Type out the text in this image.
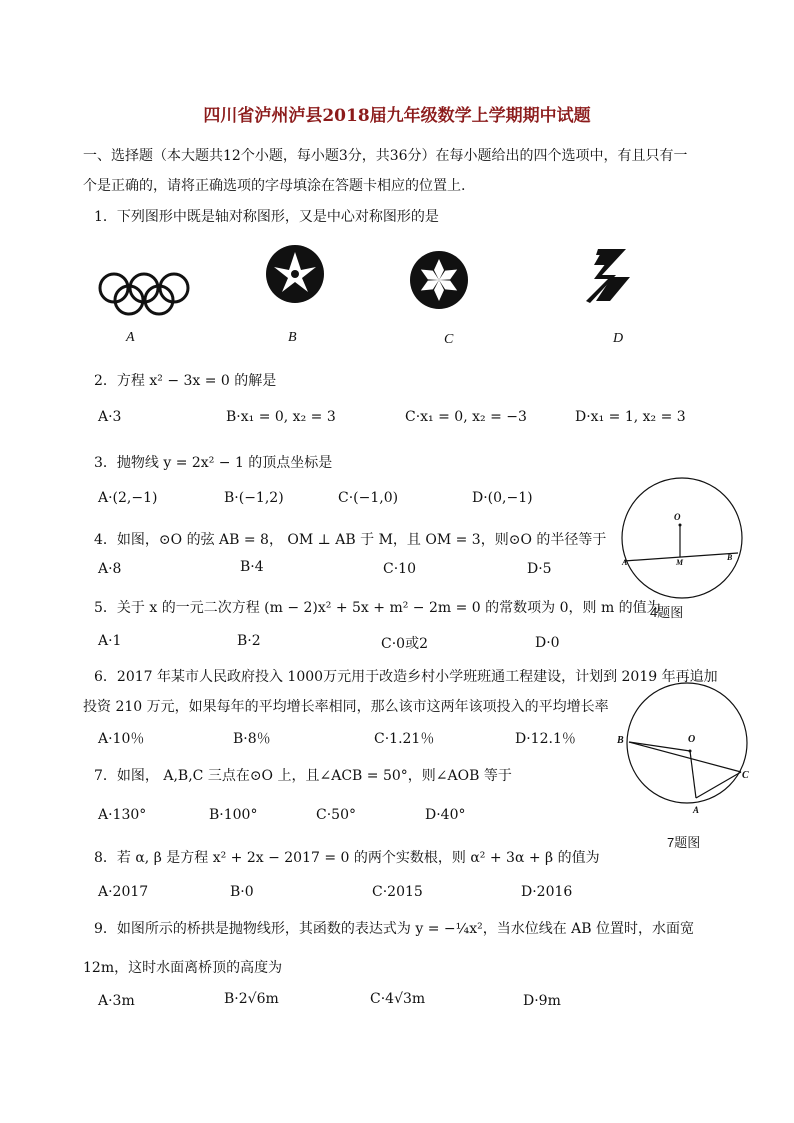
四川省泸州泸县2018届九年级数学上学期期中试题
一、选择题（本大题共12个小题，每小题3分，共36分）在每小题给出的四个选项中，有且只有一
个是正确的，请将正确选项的字母填涂在答题卡相应的位置上.
1．下列图形中既是轴对称图形，又是中心对称图形的是
A	B	C	D
2．方程 x² − 3x = 0 的解是
A·3	B·x₁ = 0, x₂ = 3	C·x₁ = 0, x₂ = −3	D·x₁ = 1, x₂ = 3
3．抛物线 y = 2x² − 1 的顶点坐标是
A·(2,−1)	B·(−1,2)	C·(−1,0)	D·(0,−1)
O
A	M
B
4题图
4．如图，⊙O 的弦 AB = 8， OM ⊥ AB 于 M，且 OM = 3，则⊙O 的半径等于
A·8	B·4	C·10	D·5
5．关于 x 的一元二次方程 (m − 2)x² + 5x + m² − 2m = 0 的常数项为 0，则 m 的值为
A·1	B·2	C·0或2	D·0
6．2017 年某市人民政府投入 1000万元用于改造乡村小学班班通工程建设，计划到 2019 年再追加
投资 210 万元，如果每年的平均增长率相同，那么该市这两年该项投入的平均增长率
A·10％	B·8％	C·1.21％	D·12.1％	B	O
C
A
7题图
7．如图， A,B,C 三点在⊙O 上，且∠ACB = 50°，则∠AOB 等于
A·130°	B·100°	C·50°	D·40°
8．若 α, β 是方程 x² + 2x − 2017 = 0 的两个实数根，则 α² + 3α + β 的值为
A·2017	B·0	C·2015	D·2016
9．如图所示的桥拱是抛物线形，其函数的表达式为 y = −¼x²，当水位线在 AB 位置时，水面宽
12m，这时水面离桥顶的高度为
A·3m	B·2√6m	C·4√3m	D·9m
